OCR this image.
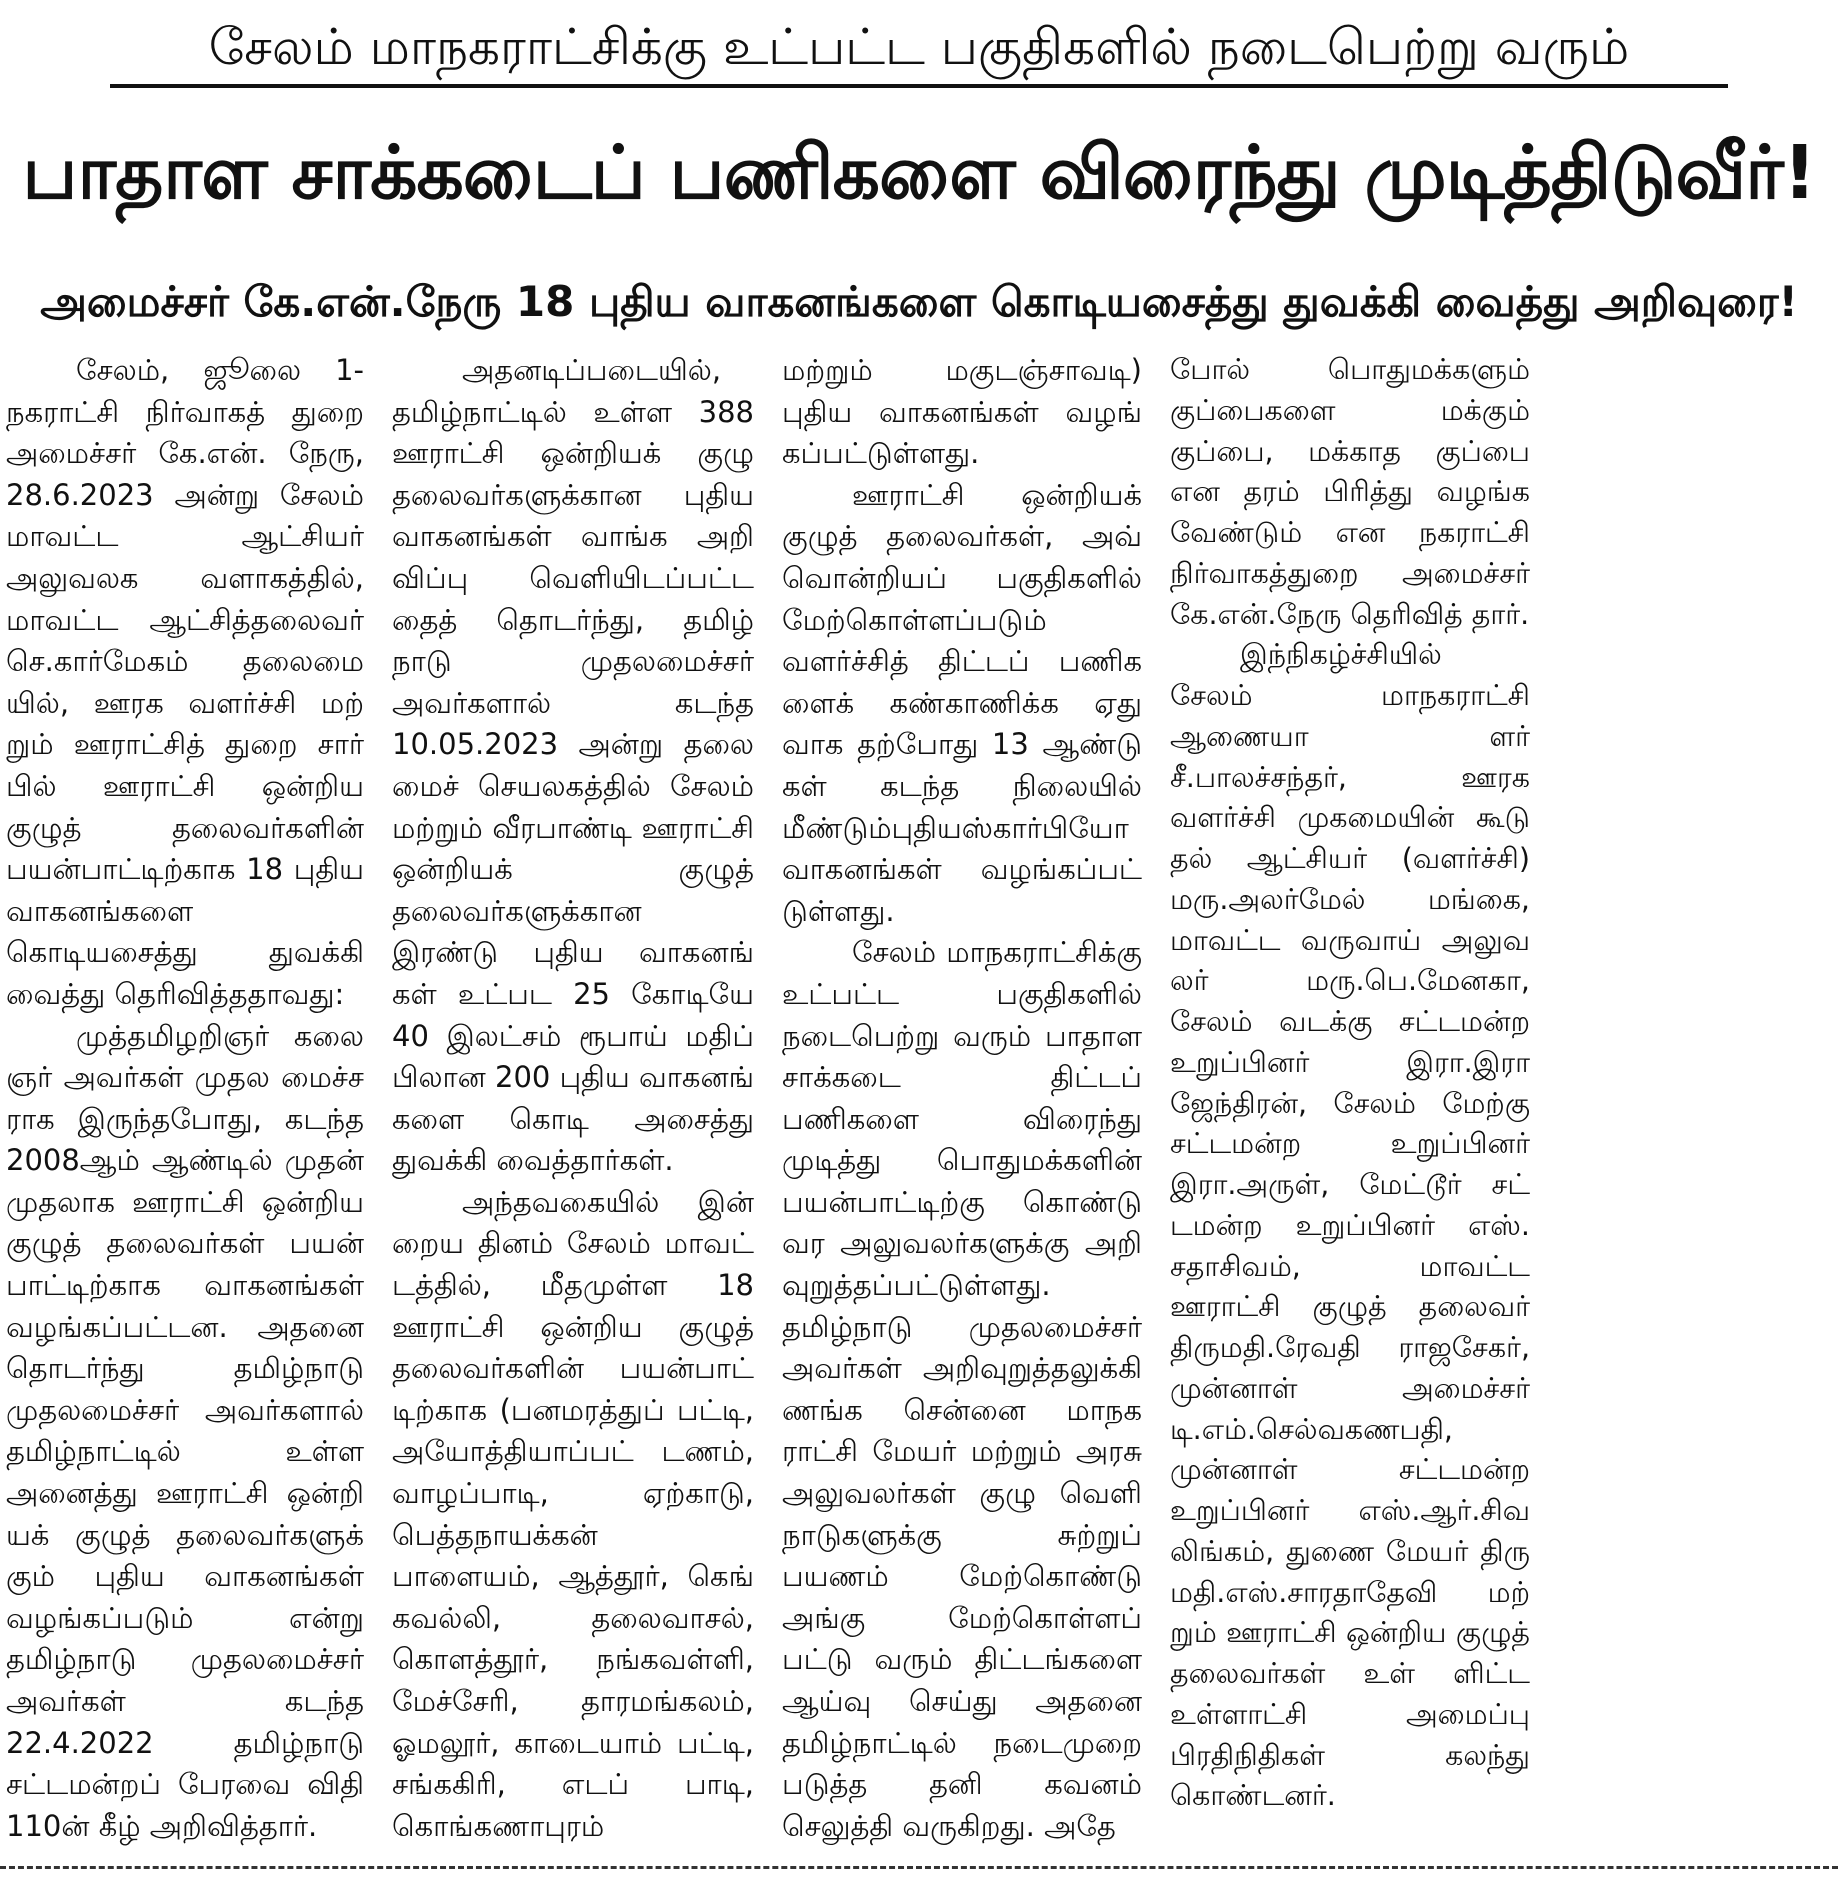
சேலம் மாநகராட்சிக்கு உட்பட்ட பகுதிகளில் நடைபெற்று வரும்
பாதாள சாக்கடைப் பணிகளை விரைந்து முடித்திடுவீர்!
அமைச்சர் கே.என்.நேரு 18 புதிய வாகனங்களை கொடியசைத்து துவக்கி வைத்து அறிவுரை!

சேலம், ஜூலை 1- நகராட்சி நிர்வாகத் துறை அமைச்சர் கே.என். நேரு, 28.6.2023 அன்று சேலம் மாவட்ட ஆட்சியர் அலுவலக வளாகத்தில், மாவட்ட ஆட்சித்தலைவர் செ.கார்மேகம் தலைமை யில், ஊரக வளர்ச்சி மற் றும் ஊராட்சித் துறை சார் பில் ஊராட்சி ஒன்றிய குழுத் தலைவர்களின் பயன்பாட்டிற்காக 18 புதிய வாகனங்களை கொடியசைத்து துவக்கி வைத்து தெரிவித்ததாவது:

முத்தமிழறிஞர் கலை ஞர் அவர்கள் முதல மைச்ச ராக இருந்தபோது, கடந்த 2008ஆம் ஆண்டில் முதன் முதலாக ஊராட்சி ஒன்றிய குழுத் தலைவர்கள் பயன் பாட்டிற்காக வாகனங்கள் வழங்கப்பட்டன. அதனை தொடர்ந்து தமிழ்நாடு முதலமைச்சர் அவர்களால் தமிழ்நாட்டில் உள்ள அனைத்து ஊராட்சி ஒன்றி யக் குழுத் தலைவர்களுக் கும் புதிய வாகனங்கள் வழங்கப்படும் என்று தமிழ்நாடு முதலமைச்சர் அவர்கள் கடந்த 22.4.2022 தமிழ்நாடு சட்டமன்றப் பேரவை விதி 110ன் கீழ் அறிவித்தார்.

அதனடிப்படையில், தமிழ்நாட்டில் உள்ள 388 ஊராட்சி ஒன்றியக் குழு தலைவர்களுக்கான புதிய வாகனங்கள் வாங்க அறி விப்பு வெளியிடப்பட்ட தைத் தொடர்ந்து, தமிழ் நாடு முதலமைச்சர் அவர்களால் கடந்த 10.05.2023 அன்று தலை மைச் செயலகத்தில் சேலம் மற்றும் வீரபாண்டி ஊராட்சி ஒன்றியக் குழுத் தலைவர்களுக்கான இரண்டு புதிய வாகனங் கள் உட்பட 25 கோடியே 40 இலட்சம் ரூபாய் மதிப் பிலான 200 புதிய வாகனங் களை கொடி அசைத்து துவக்கி வைத்தார்கள்.

அந்தவகையில் இன் றைய தினம் சேலம் மாவட் டத்தில், மீதமுள்ள 18 ஊராட்சி ஒன்றிய குழுத் தலைவர்களின் பயன்பாட் டிற்காக (பனமரத்துப் பட்டி, அயோத்தியாப்பட் டணம், வாழப்பாடி, ஏற்காடு, பெத்தநாயக்கன் பாளையம், ஆத்தூர், கெங் கவல்லி, தலைவாசல், கொளத்தூர், நங்கவள்ளி, மேச்சேரி, தாரமங்கலம், ஓமலூர், காடையாம் பட்டி, சங்ககிரி, எடப் பாடி, கொங்கணாபுரம்

மற்றும் மகுடஞ்சாவடி) புதிய வாகனங்கள் வழங் கப்பட்டுள்ளது.

ஊராட்சி ஒன்றியக் குழுத் தலைவர்கள், அவ் வொன்றியப் பகுதிகளில் மேற்கொள்ளப்படும் வளர்ச்சித் திட்டப் பணிக ளைக் கண்காணிக்க ஏது வாக தற்போது 13 ஆண்டு கள் கடந்த நிலையில் மீண்டும்புதியஸ்கார்பியோ வாகனங்கள் வழங்கப்பட் டுள்ளது.

சேலம் மாநகராட்சிக்கு உட்பட்ட பகுதிகளில் நடைபெற்று வரும் பாதாள சாக்கடை திட்டப் பணிகளை விரைந்து முடித்து பொதுமக்களின் பயன்பாட்டிற்கு கொண்டு வர அலுவலர்களுக்கு அறி வுறுத்தப்பட்டுள்ளது. தமிழ்நாடு முதலமைச்சர் அவர்கள் அறிவுறுத்தலுக்கி ணங்க சென்னை மாநக ராட்சி மேயர் மற்றும் அரசு அலுவலர்கள் குழு வெளி நாடுகளுக்கு சுற்றுப் பயணம் மேற்கொண்டு அங்கு மேற்கொள்ளப் பட்டு வரும் திட்டங்களை ஆய்வு செய்து அதனை தமிழ்நாட்டில் நடைமுறை படுத்த தனி கவனம் செலுத்தி வருகிறது. அதே

போல் பொதுமக்களும் குப்பைகளை மக்கும் குப்பை, மக்காத குப்பை என தரம் பிரித்து வழங்க வேண்டும் என நகராட்சி நிர்வாகத்துறை அமைச்சர் கே.என்.நேரு தெரிவித் தார்.

இந்நிகழ்ச்சியில் சேலம் மாநகராட்சி ஆணையா ளர் சீ.பாலச்சந்தர், ஊரக வளர்ச்சி முகமையின் கூடு தல் ஆட்சியர் (வளர்ச்சி) மரு.அலர்மேல் மங்கை, மாவட்ட வருவாய் அலுவ லர் மரு.பெ.மேனகா, சேலம் வடக்கு சட்டமன்ற உறுப்பினர் இரா.இரா ஜேந்திரன், சேலம் மேற்கு சட்டமன்ற உறுப்பினர் இரா.அருள், மேட்டூர் சட் டமன்ற உறுப்பினர் எஸ். சதாசிவம், மாவட்ட ஊராட்சி குழுத் தலைவர் திருமதி.ரேவதி ராஜசேகர், முன்னாள் அமைச்சர் டி.எம்.செல்வகணபதி, முன்னாள் சட்டமன்ற உறுப்பினர் எஸ்.ஆர்.சிவ லிங்கம், துணை மேயர் திரு மதி.எஸ்.சாரதாதேவி மற் றும் ஊராட்சி ஒன்றிய குழுத் தலைவர்கள் உள் ளிட்ட உள்ளாட்சி அமைப்பு பிரதிநிதிகள் கலந்து கொண்டனர்.
